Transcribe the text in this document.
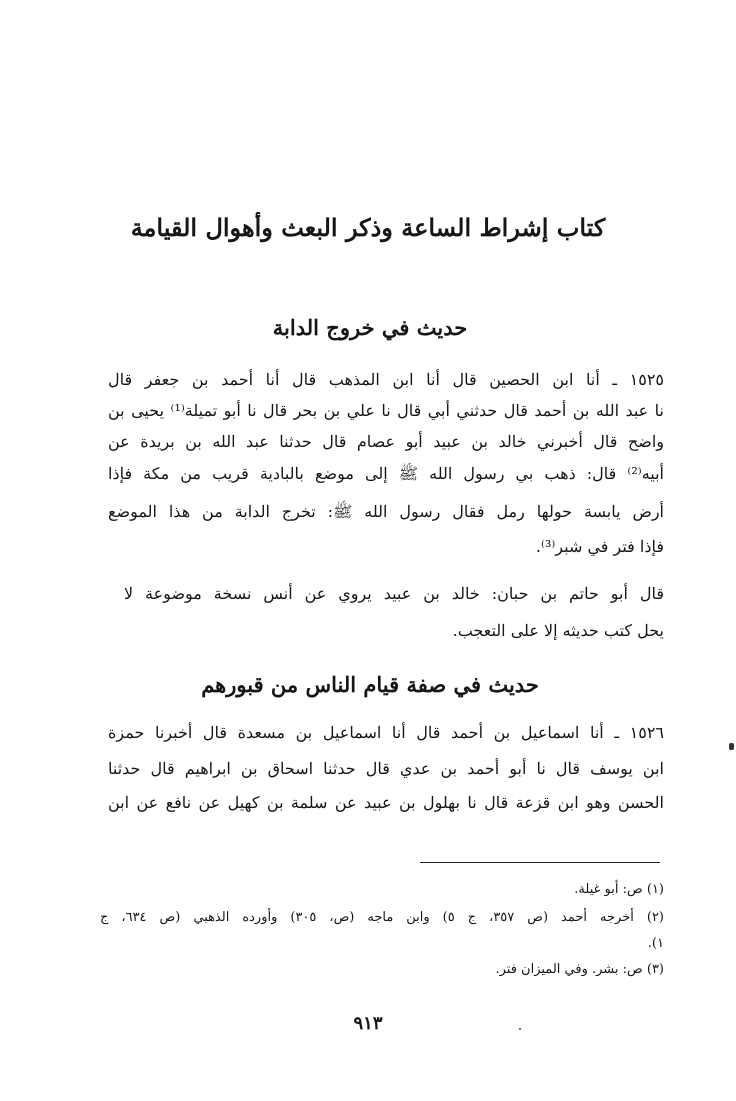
كتاب إشراط الساعة وذكر البعث وأهوال القيامة
حديث في خروج الدابة
١٥٢٥ ـ أنا ابن الحصين قال أنا ابن المذهب قال أنا أحمد بن جعفر قال
نا عبد الله بن أحمد قال حدثني أبي قال نا علي بن بحر قال نا أبو تميلة⁽¹⁾ يحيى بن
واضح قال أخبرني خالد بن عبيد أبو عصام قال حدثنا عبد الله بن بريدة عن
أبيه⁽²⁾ قال: ذهب بي رسول الله ﷺ إلى موضع بالبادية قريب من مكة فإذا
أرض يابسة حولها رمل فقال رسول الله ﷺ: تخرج الدابة من هذا الموضع
فإذا فتر في شبر⁽³⁾.
قال أبو حاتم بن حبان: خالد بن عبيد يروي عن أنس نسخة موضوعة لا
يحل كتب حديثه إلا على التعجب.
حديث في صفة قيام الناس من قبورهم
١٥٢٦ ـ أنا اسماعيل بن أحمد قال أنا اسماعيل بن مسعدة قال أخبرنا حمزة
ابن يوسف قال نا أبو أحمد بن عدي قال حدثنا اسحاق بن ابراهيم قال حدثنا
الحسن وهو ابن قزعة قال نا بهلول بن عبيد عن سلمة بن كهيل عن نافع عن ابن
(١) ص: أبو غيلة.
(٢) أخرجه أحمد (ص ٣٥٧، ج ٥) وابن ماجه (ص، ٣٠٥) وأورده الذهبي (ص ٦٣٤، ج
١).
(٣) ص: بشر. وفي الميزان فتر.
٩١٣
